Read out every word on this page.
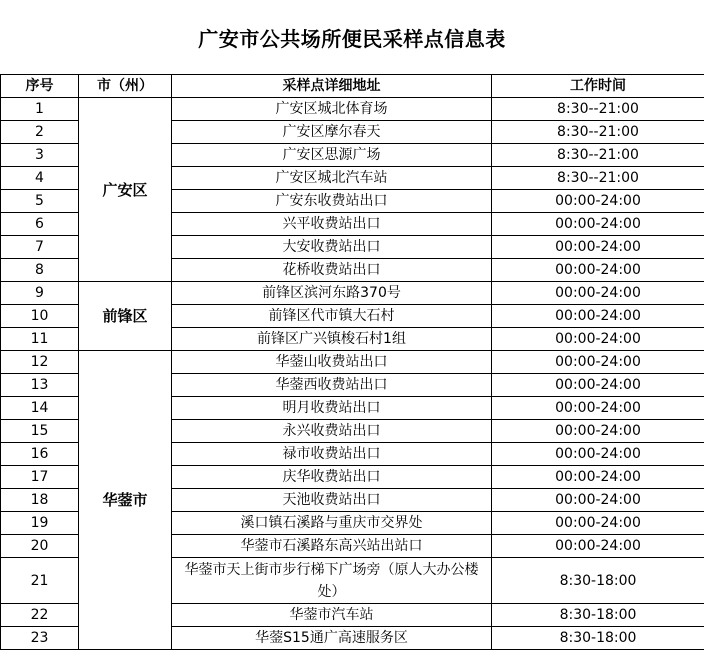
广安市公共场所便民采样点信息表
序号	市（州）	采样点详细地址	工作时间
1	广安区	广安区城北体育场	8:30--21:00
2		广安区摩尔春天	8:30--21:00
3		广安区思源广场	8:30--21:00
4		广安区城北汽车站	8:30--21:00
5		广安东收费站出口	00:00-24:00
6		兴平收费站出口	00:00-24:00
7		大安收费站出口	00:00-24:00
8		花桥收费站出口	00:00-24:00
9	前锋区	前锋区滨河东路370号	00:00-24:00
10		前锋区代市镇大石村	00:00-24:00
11		前锋区广兴镇梭石村1组	00:00-24:00
12	华蓥市	华蓥山收费站出口	00:00-24:00
13		华蓥西收费站出口	00:00-24:00
14		明月收费站出口	00:00-24:00
15		永兴收费站出口	00:00-24:00
16		禄市收费站出口	00:00-24:00
17		庆华收费站出口	00:00-24:00
18		天池收费站出口	00:00-24:00
19		溪口镇石溪路与重庆市交界处	00:00-24:00
20		华蓥市石溪路东高兴站出站口	00:00-24:00
21		华蓥市天上街市步行梯下广场旁（原人大办公楼处）	8:30-18:00
22		华蓥市汽车站	8:30-18:00
23		华蓥S15通广高速服务区	8:30-18:00
